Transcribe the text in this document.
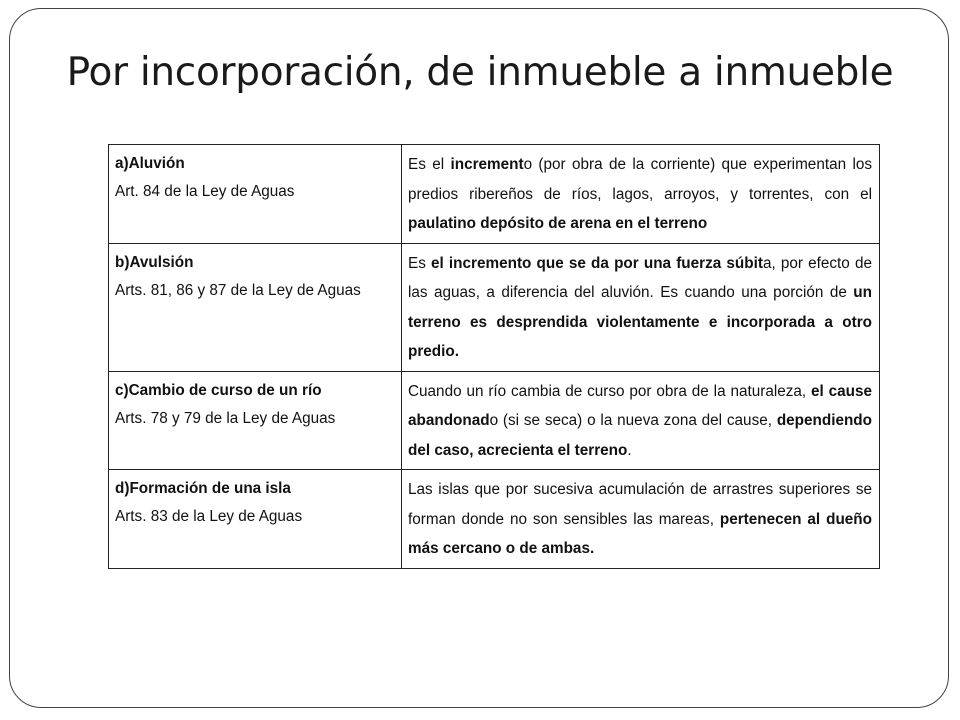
Por incorporación, de inmueble a inmueble
a)Aluvión
Art. 84 de la Ley de Aguas	Es el incremento (por obra de la corriente) que experimentan los predios ribereños de ríos, lagos, arroyos, y torrentes, con el paulatino depósito de arena en el terreno

b)Avulsión
Arts. 81, 86 y 87 de la Ley de Aguas	Es el incremento que se da por una fuerza súbita, por efecto de las aguas, a diferencia del aluvión. Es cuando una porción de un terreno es desprendida violentamente e incorporada a otro predio.

c)Cambio de curso de un río
Arts. 78 y 79 de la Ley de Aguas	Cuando un río cambia de curso por obra de la naturaleza, el cause abandonado (si se seca) o la nueva zona del cause, dependiendo del caso, acrecienta el terreno.

d)Formación de una isla
Arts. 83 de la Ley de Aguas	Las islas que por sucesiva acumulación de arrastres superiores se forman donde no son sensibles las mareas, pertenecen al dueño más cercano o de ambas.
